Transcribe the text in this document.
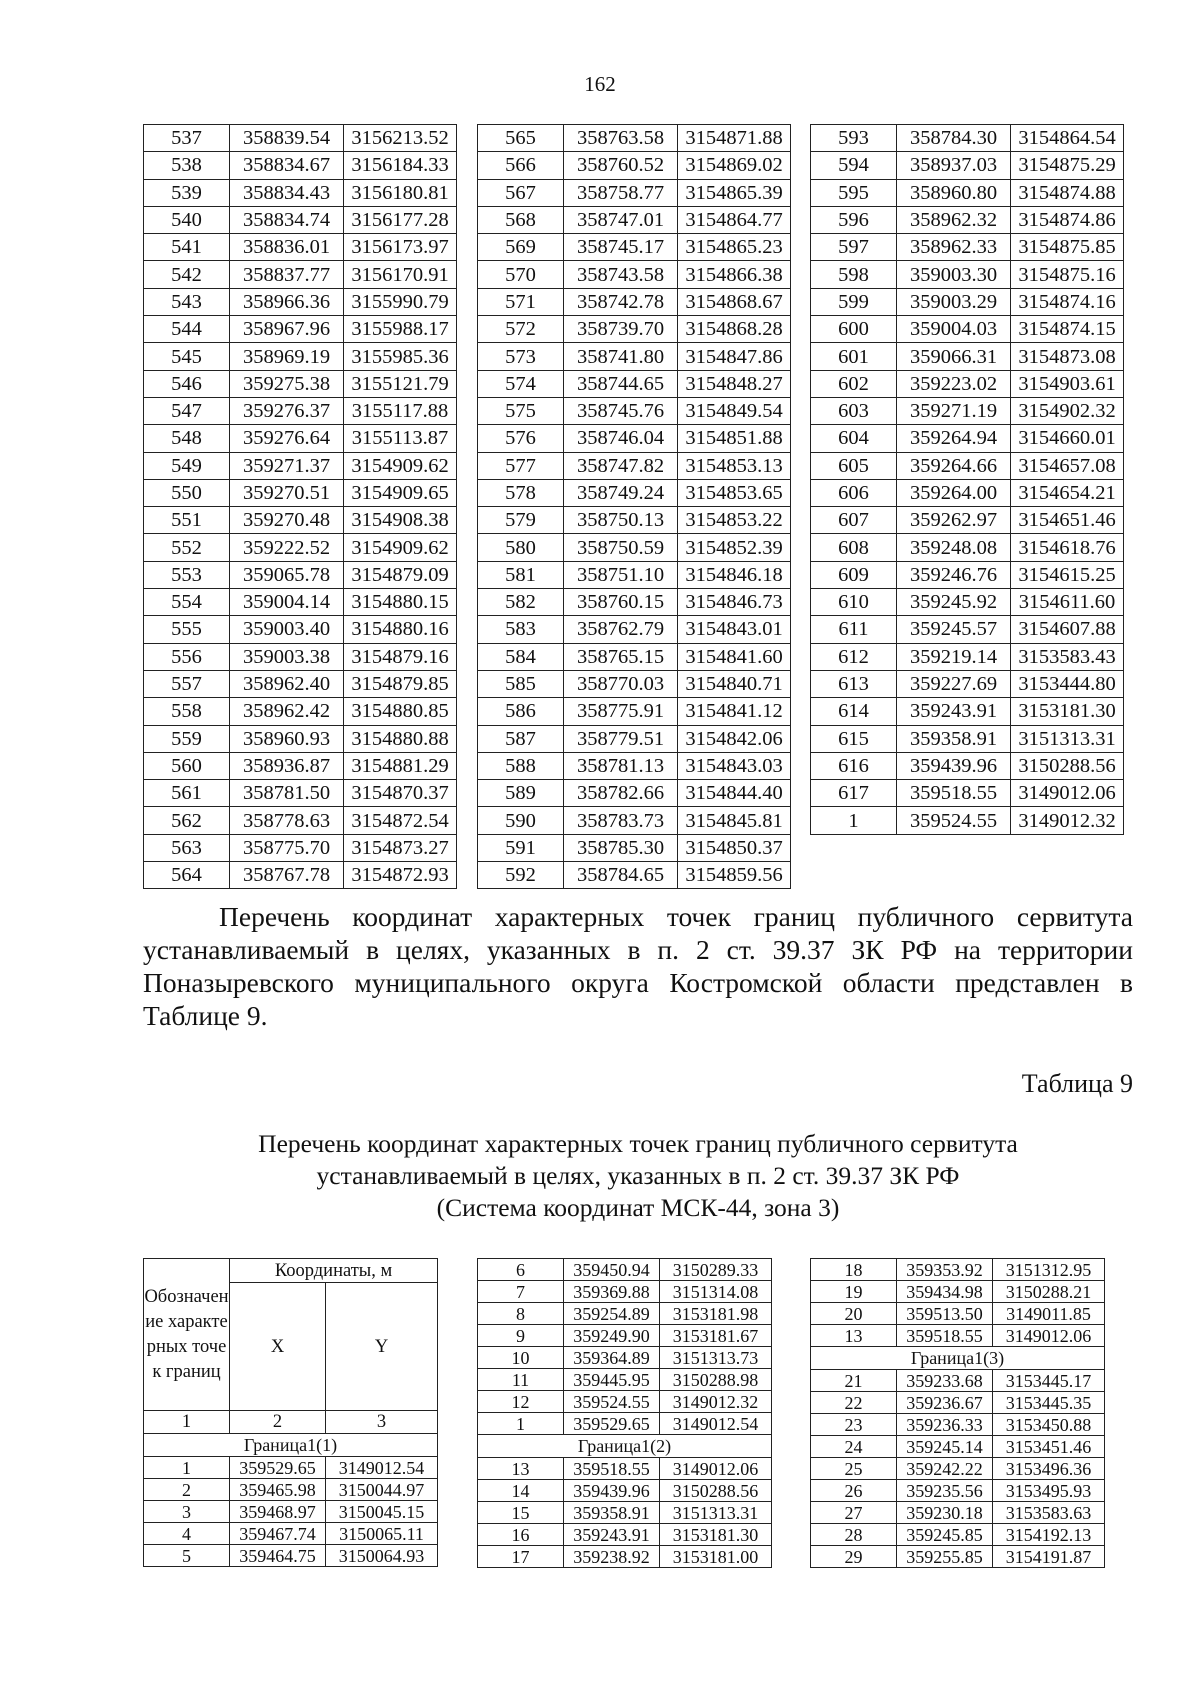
162
537	358839.54	3156213.52
538	358834.67	3156184.33
539	358834.43	3156180.81
540	358834.74	3156177.28
541	358836.01	3156173.97
542	358837.77	3156170.91
543	358966.36	3155990.79
544	358967.96	3155988.17
545	358969.19	3155985.36
546	359275.38	3155121.79
547	359276.37	3155117.88
548	359276.64	3155113.87
549	359271.37	3154909.62
550	359270.51	3154909.65
551	359270.48	3154908.38
552	359222.52	3154909.62
553	359065.78	3154879.09
554	359004.14	3154880.15
555	359003.40	3154880.16
556	359003.38	3154879.16
557	358962.40	3154879.85
558	358962.42	3154880.85
559	358960.93	3154880.88
560	358936.87	3154881.29
561	358781.50	3154870.37
562	358778.63	3154872.54
563	358775.70	3154873.27
564	358767.78	3154872.93
565	358763.58	3154871.88
566	358760.52	3154869.02
567	358758.77	3154865.39
568	358747.01	3154864.77
569	358745.17	3154865.23
570	358743.58	3154866.38
571	358742.78	3154868.67
572	358739.70	3154868.28
573	358741.80	3154847.86
574	358744.65	3154848.27
575	358745.76	3154849.54
576	358746.04	3154851.88
577	358747.82	3154853.13
578	358749.24	3154853.65
579	358750.13	3154853.22
580	358750.59	3154852.39
581	358751.10	3154846.18
582	358760.15	3154846.73
583	358762.79	3154843.01
584	358765.15	3154841.60
585	358770.03	3154840.71
586	358775.91	3154841.12
587	358779.51	3154842.06
588	358781.13	3154843.03
589	358782.66	3154844.40
590	358783.73	3154845.81
591	358785.30	3154850.37
592	358784.65	3154859.56
593	358784.30	3154864.54
594	358937.03	3154875.29
595	358960.80	3154874.88
596	358962.32	3154874.86
597	358962.33	3154875.85
598	359003.30	3154875.16
599	359003.29	3154874.16
600	359004.03	3154874.15
601	359066.31	3154873.08
602	359223.02	3154903.61
603	359271.19	3154902.32
604	359264.94	3154660.01
605	359264.66	3154657.08
606	359264.00	3154654.21
607	359262.97	3154651.46
608	359248.08	3154618.76
609	359246.76	3154615.25
610	359245.92	3154611.60
611	359245.57	3154607.88
612	359219.14	3153583.43
613	359227.69	3153444.80
614	359243.91	3153181.30
615	359358.91	3151313.31
616	359439.96	3150288.56
617	359518.55	3149012.06
1	359524.55	3149012.32
Перечень координат характерных точек границ публичного сервитута устанавливаемый в целях, указанных в п. 2 ст. 39.37 ЗК РФ на территории Поназыревского муниципального округа Костромской области представлен в Таблице 9.
Таблица 9
Перечень координат характерных точек границ публичного сервитута
устанавливаемый в целях, указанных в п. 2 ст. 39.37 ЗК РФ
(Система координат МСК-44, зона 3)
Обозначение характерных точек границ	Координаты, м	
	X	Y
1	2	3
Граница1(1)		
1	359529.65	3149012.54
2	359465.98	3150044.97
3	359468.97	3150045.15
4	359467.74	3150065.11
5	359464.75	3150064.93
6	359450.94	3150289.33
7	359369.88	3151314.08
8	359254.89	3153181.98
9	359249.90	3153181.67
10	359364.89	3151313.73
11	359445.95	3150288.98
12	359524.55	3149012.32
1	359529.65	3149012.54
Граница1(2)		
13	359518.55	3149012.06
14	359439.96	3150288.56
15	359358.91	3151313.31
16	359243.91	3153181.30
17	359238.92	3153181.00
18	359353.92	3151312.95
19	359434.98	3150288.21
20	359513.50	3149011.85
13	359518.55	3149012.06
Граница1(3)		
21	359233.68	3153445.17
22	359236.67	3153445.35
23	359236.33	3153450.88
24	359245.14	3153451.46
25	359242.22	3153496.36
26	359235.56	3153495.93
27	359230.18	3153583.63
28	359245.85	3154192.13
29	359255.85	3154191.87
